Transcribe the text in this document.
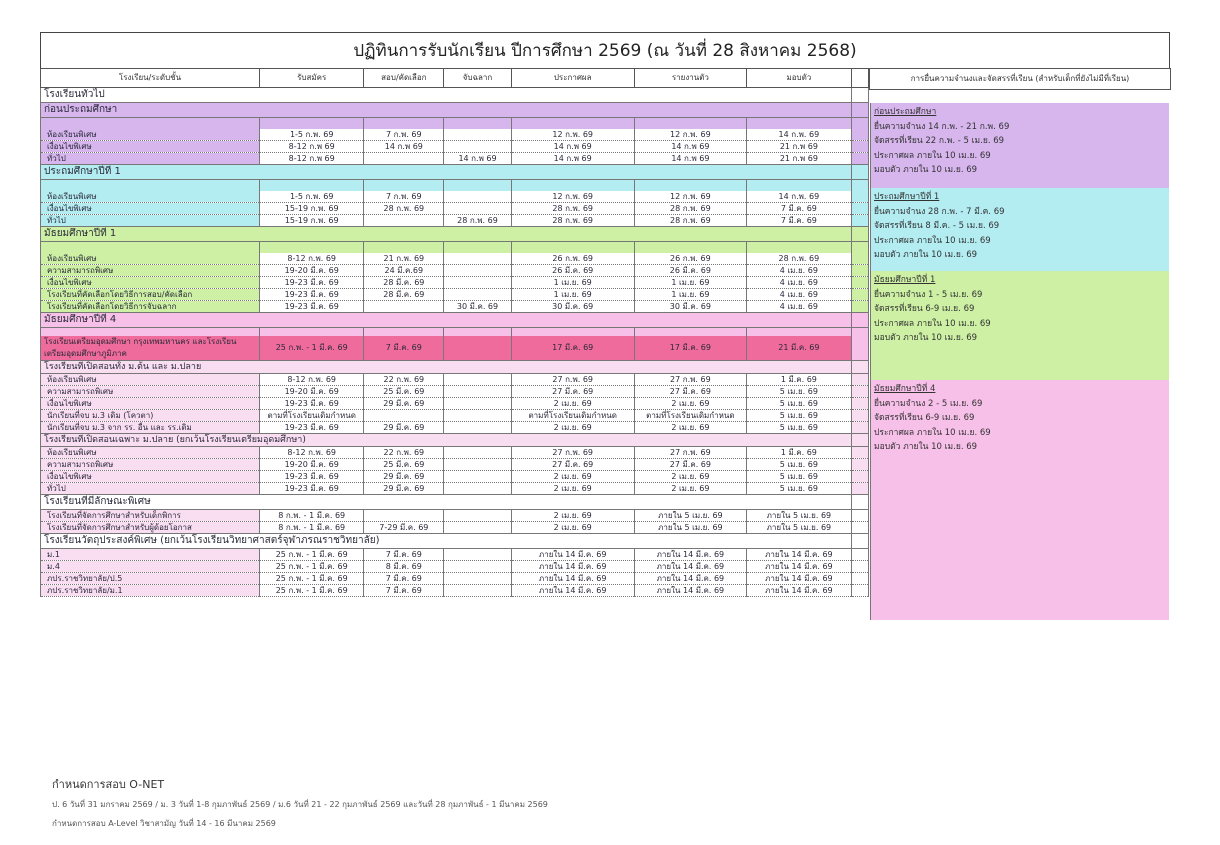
ปฏิทินการรับนักเรียน ปีการศึกษา 2569 (ณ วันที่ 28 สิงหาคม 2568)
โรงเรียน/ระดับชั้น	รับสมัคร	สอบ/คัดเลือก	จับฉลาก	ประกาศผล	รายงานตัว	มอบตัว	
โรงเรียนทั่วไป							
ก่อนประถมศึกษา							

ห้องเรียนพิเศษ	1-5 ก.พ. 69	7 ก.พ. 69		12 ก.พ. 69	12 ก.พ. 69	14 ก.พ. 69	
เงื่อนไขพิเศษ	8-12 ก.พ 69	14 ก.พ 69		14 ก.พ 69	14 ก.พ 69	21 ก.พ 69	
ทั่วไป	8-12 ก.พ 69		14 ก.พ 69	14 ก.พ 69	14 ก.พ 69	21 ก.พ 69	
ประถมศึกษาปีที่ 1							

ห้องเรียนพิเศษ	1-5 ก.พ. 69	7 ก.พ. 69		12 ก.พ. 69	12 ก.พ. 69	14 ก.พ. 69	
เงื่อนไขพิเศษ	15-19 ก.พ. 69	28 ก.พ. 69		28 ก.พ. 69	28 ก.พ. 69	7 มี.ค. 69	
ทั่วไป	15-19 ก.พ. 69		28 ก.พ. 69	28 ก.พ. 69	28 ก.พ. 69	7 มี.ค. 69	
มัธยมศึกษาปีที่ 1							

ห้องเรียนพิเศษ	8-12 ก.พ. 69	21 ก.พ. 69		26 ก.พ. 69	26 ก.พ. 69	28 ก.พ. 69	
ความสามารถพิเศษ	19-20 มี.ค. 69	24 มี.ค.69		26 มี.ค. 69	26 มี.ค. 69	4 เม.ย. 69	
เงื่อนไขพิเศษ	19-23 มี.ค. 69	28 มี.ค. 69		1 เม.ย. 69	1 เม.ย. 69	4 เม.ย. 69	
โรงเรียนที่คัดเลือกโดยวิธีการสอบ/คัดเลือก	19-23 มี.ค. 69	28 มี.ค. 69		1 เม.ย. 69	1 เม.ย. 69	4 เม.ย. 69	
โรงเรียนที่คัดเลือกโดยวิธีการจับฉลาก	19-23 มี.ค. 69		30 มี.ค. 69	30 มี.ค. 69	30 มี.ค. 69	4 เม.ย. 69	
มัธยมศึกษาปีที่ 4							

โรงเรียนเตรียมอุดมศึกษา กรุงเทพมหานคร และโรงเรียนเตรียมอุดมศึกษาภูมิภาค	25 ก.พ. - 1 มี.ค. 69	7 มี.ค. 69		17 มี.ค. 69	17 มี.ค. 69	21 มี.ค. 69	
โรงเรียนที่เปิดสอนทั้ง ม.ต้น และ ม.ปลาย							
ห้องเรียนพิเศษ	8-12 ก.พ. 69	22 ก.พ. 69		27 ก.พ. 69	27 ก.พ. 69	1 มี.ค. 69	
ความสามารถพิเศษ	19-20 มี.ค. 69	25 มี.ค. 69		27 มี.ค. 69	27 มี.ค. 69	5 เม.ย. 69	
เงื่อนไขพิเศษ	19-23 มี.ค. 69	29 มี.ค. 69		2 เม.ย. 69	2 เม.ย. 69	5 เม.ย. 69	
นักเรียนที่จบ ม.3 เดิม (โควตา)	ตามที่โรงเรียนเดิมกำหนด			ตามที่โรงเรียนเดิมกำหนด	ตามที่โรงเรียนเดิมกำหนด	5 เม.ย. 69	
นักเรียนที่จบ ม.3 จาก รร. อื่น และ รร.เดิม	19-23 มี.ค. 69	29 มี.ค. 69		2 เม.ย. 69	2 เม.ย. 69	5 เม.ย. 69	
โรงเรียนที่เปิดสอนเฉพาะ ม.ปลาย (ยกเว้นโรงเรียนเตรียมอุดมศึกษา)							
ห้องเรียนพิเศษ	8-12 ก.พ. 69	22 ก.พ. 69		27 ก.พ. 69	27 ก.พ. 69	1 มี.ค. 69	
ความสามารถพิเศษ	19-20 มี.ค. 69	25 มี.ค. 69		27 มี.ค. 69	27 มี.ค. 69	5 เม.ย. 69	
เงื่อนไขพิเศษ	19-23 มี.ค. 69	29 มี.ค. 69		2 เม.ย. 69	2 เม.ย. 69	5 เม.ย. 69	
ทั่วไป	19-23 มี.ค. 69	29 มี.ค. 69		2 เม.ย. 69	2 เม.ย. 69	5 เม.ย. 69	
โรงเรียนที่มีลักษณะพิเศษ							
โรงเรียนที่จัดการศึกษาสำหรับเด็กพิการ	8 ก.พ. - 1 มี.ค. 69			2 เม.ย. 69	ภายใน 5 เม.ย. 69	ภายใน 5 เม.ย. 69	
โรงเรียนที่จัดการศึกษาสำหรับผู้ด้อยโอกาส	8 ก.พ. - 1 มี.ค. 69	7-29 มี.ค. 69		2 เม.ย. 69	ภายใน 5 เม.ย. 69	ภายใน 5 เม.ย. 69	
โรงเรียนวัตถุประสงค์พิเศษ (ยกเว้นโรงเรียนวิทยาศาสตร์จุฬาภรณราชวิทยาลัย)							
ม.1	25 ก.พ. - 1 มี.ค. 69	7 มี.ค. 69		ภายใน 14 มี.ค. 69	ภายใน 14 มี.ค. 69	ภายใน 14 มี.ค. 69	
ม.4	25 ก.พ. - 1 มี.ค. 69	8 มี.ค. 69		ภายใน 14 มี.ค. 69	ภายใน 14 มี.ค. 69	ภายใน 14 มี.ค. 69	
ภปร.ราชวิทยาลัย/ป.5	25 ก.พ. - 1 มี.ค. 69	7 มี.ค. 69		ภายใน 14 มี.ค. 69	ภายใน 14 มี.ค. 69	ภายใน 14 มี.ค. 69	
ภปร.ราชวิทยาลัย/ม.1	25 ก.พ. - 1 มี.ค. 69	7 มี.ค. 69		ภายใน 14 มี.ค. 69	ภายใน 14 มี.ค. 69	ภายใน 14 มี.ค. 69	
การยื่นความจำนงและจัดสรรที่เรียน (สำหรับเด็กที่ยังไม่มีที่เรียน)
ก่อนประถมศึกษา
ยื่นความจำนง 14 ก.พ. - 21 ก.พ. 69
จัดสรรที่เรียน 22 ก.พ. - 5 เม.ย. 69
ประกาศผล ภายใน 10 เม.ย. 69
มอบตัว ภายใน 10 เม.ย. 69
ประถมศึกษาปีที่ 1
ยื่นความจำนง 28 ก.พ. - 7 มี.ค. 69
จัดสรรที่เรียน 8 มี.ค. - 5 เม.ย. 69
ประกาศผล ภายใน 10 เม.ย. 69
มอบตัว ภายใน 10 เม.ย. 69
มัธยมศึกษาปีที่ 1
ยื่นความจำนง 1 - 5 เม.ย. 69
จัดสรรที่เรียน 6-9 เม.ย. 69
ประกาศผล ภายใน 10 เม.ย. 69
มอบตัว ภายใน 10 เม.ย. 69
มัธยมศึกษาปีที่ 4
ยื่นความจำนง 2 - 5 เม.ย. 69
จัดสรรที่เรียน 6-9 เม.ย. 69
ประกาศผล ภายใน 10 เม.ย. 69
มอบตัว ภายใน 10 เม.ย. 69
กำหนดการสอบ O-NET
ป. 6 วันที่ 31 มกราคม 2569 / ม. 3 วันที่ 1-8 กุมภาพันธ์ 2569 / ม.6 วันที่ 21 - 22 กุมภาพันธ์ 2569 และวันที่ 28 กุมภาพันธ์ - 1 มีนาคม 2569
กำหนดการสอบ A-Level วิชาสามัญ วันที่ 14 - 16 มีนาคม 2569
